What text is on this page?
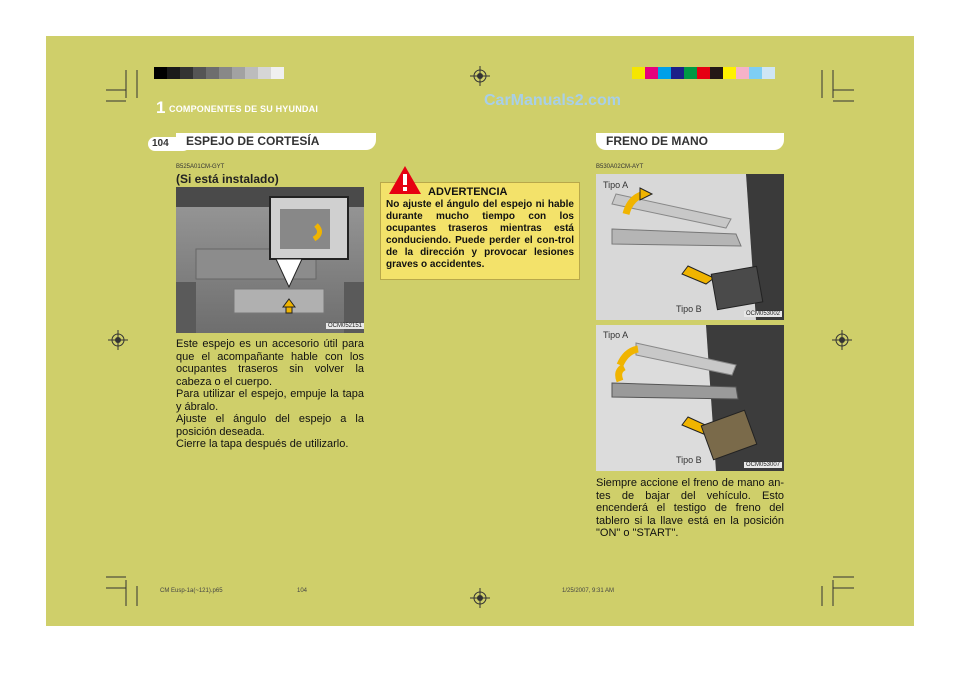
1 COMPONENTES DE SU HYUNDAI	CarManuals2.com
104	ESPEJO DE CORTESÍA
B525A01CM-GYT
(Si está instalado)
OCM052151
Este espejo es un accesorio útil para que el acompañante hable con los ocupantes traseros sin volver la cabeza o el cuerpo.
Para utilizar el espejo, empuje la tapa y ábralo.
Ajuste el ángulo del espejo a la posición deseada.
Cierre la tapa después de utilizarlo.
ADVERTENCIA
No ajuste el ángulo del espejo ni hable durante mucho tiempo con los ocupantes traseros mientras está conduciendo. Puede perder el con-trol de la dirección y provocar lesiones graves o accidentes.
FRENO DE MANO
B530A02CM-AYT
Tipo A
Tipo B	OCM053002
Tipo A
Tipo B	OCM053007
Siempre accione el freno de mano an-tes de bajar del vehículo. Esto encenderá el testigo de freno del tablero si la llave está en la posición "ON" o "START".
CM Eusp-1a(~121).p65	104	1/25/2007, 9:31 AM
